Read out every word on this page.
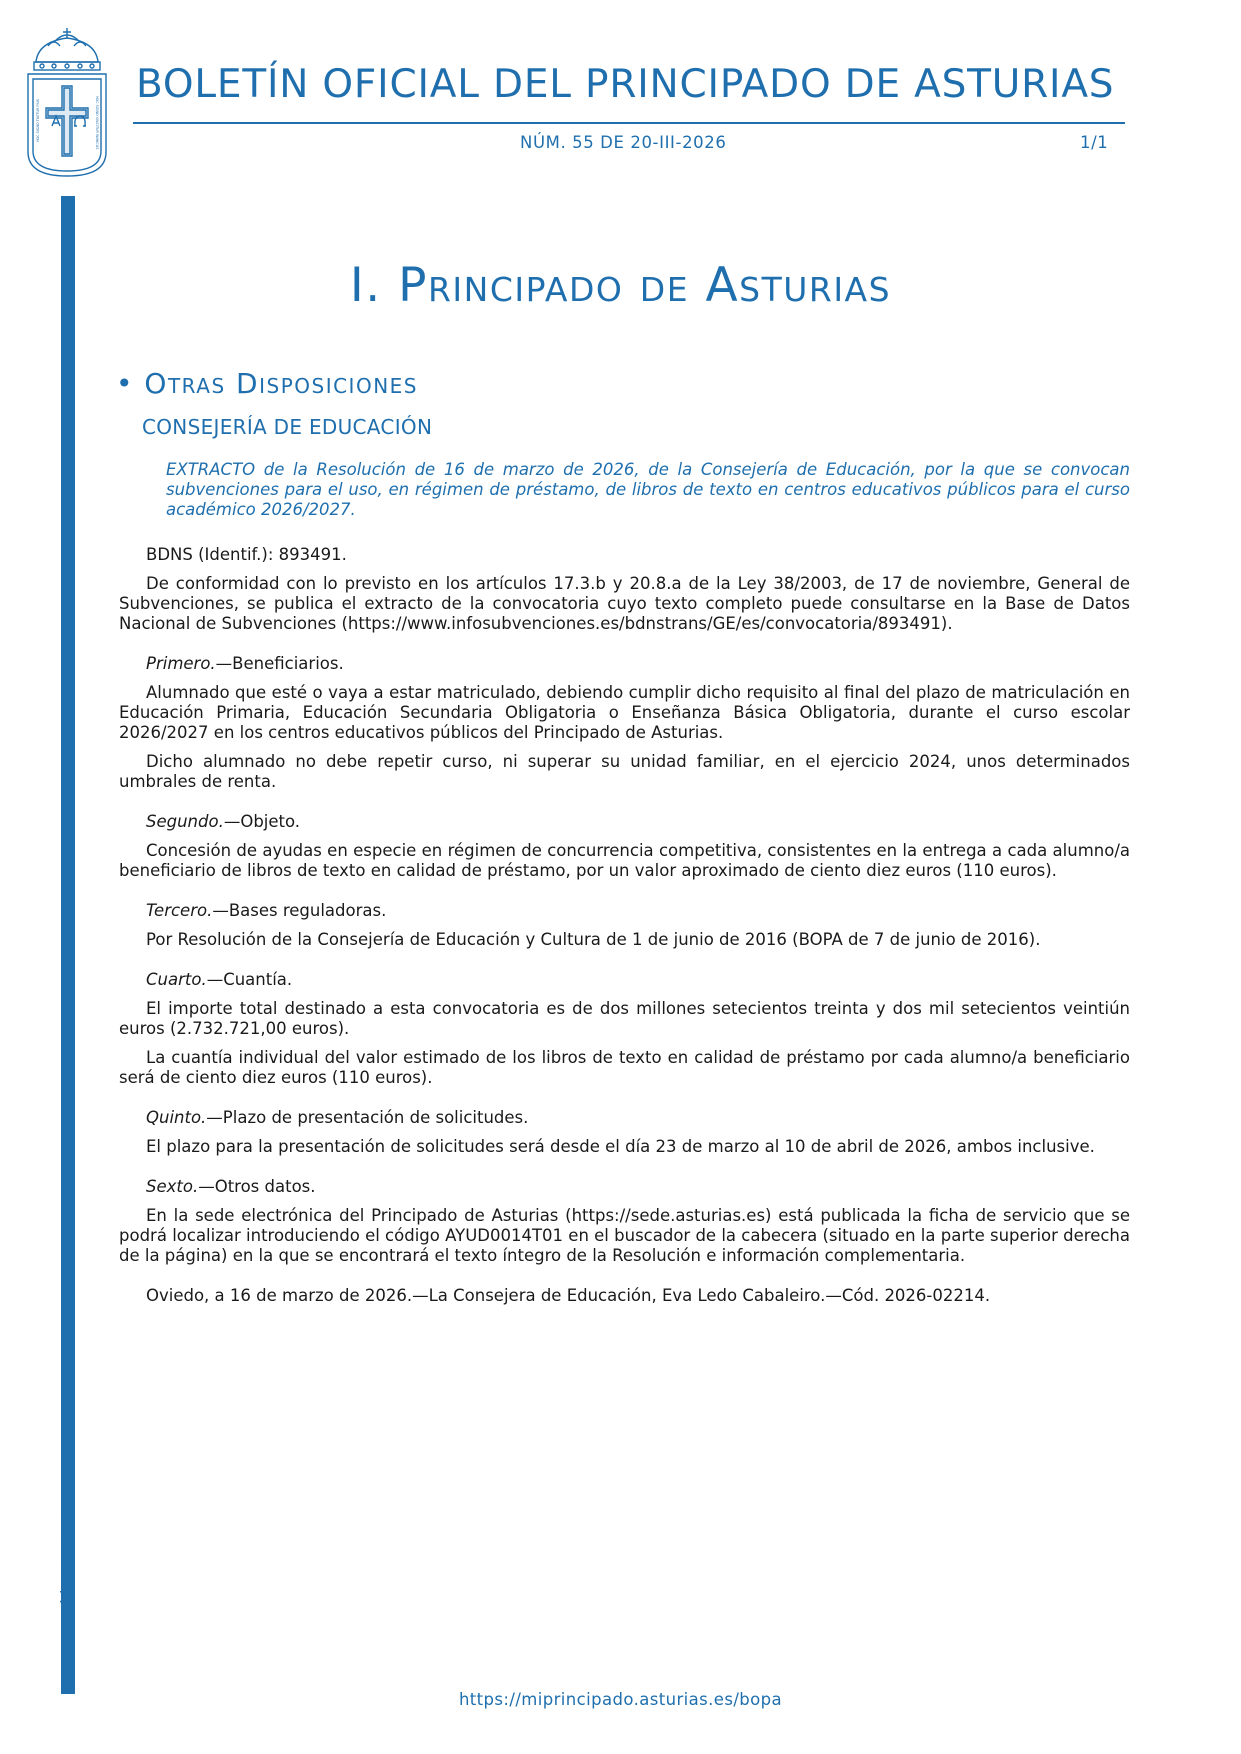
HOC SIGNO TUETUR PIUS	HOC SIGNO VINCITUR INIMICUS
BOLETÍN OFICIAL DEL PRINCIPADO DE ASTURIAS
NÚM. 55 DE 20-III-2026	1/1
Cód. 2026-02214
I. Principado de Asturias
• Otras Disposiciones
CONSEJERÍA DE EDUCACIÓN

EXTRACTO de la Resolución de 16 de marzo de 2026, de la Consejería de Educación, por la que se convocan subvenciones para el uso, en régimen de préstamo, de libros de texto en centros educativos públicos para el curso académico 2026/2027.

BDNS (Identif.): 893491.

De conformidad con lo previsto en los artículos 17.3.b y 20.8.a de la Ley 38/2003, de 17 de noviembre, General de Subvenciones, se publica el extracto de la convocatoria cuyo texto completo puede consultarse en la Base de Datos Nacional de Subvenciones (https://www.infosubvenciones.es/bdnstrans/GE/es/convocatoria/893491).

Primero.—Beneficiarios.

Alumnado que esté o vaya a estar matriculado, debiendo cumplir dicho requisito al final del plazo de matriculación en Educación Primaria, Educación Secundaria Obligatoria o Enseñanza Básica Obligatoria, durante el curso escolar 2026/2027 en los centros educativos públicos del Principado de Asturias.

Dicho alumnado no debe repetir curso, ni superar su unidad familiar, en el ejercicio 2024, unos determinados umbrales de renta.

Segundo.—Objeto.

Concesión de ayudas en especie en régimen de concurrencia competitiva, consistentes en la entrega a cada alumno/a beneficiario de libros de texto en calidad de préstamo, por un valor aproximado de ciento diez euros (110 euros).

Tercero.—Bases reguladoras.

Por Resolución de la Consejería de Educación y Cultura de 1 de junio de 2016 (BOPA de 7 de junio de 2016).

Cuarto.—Cuantía.

El importe total destinado a esta convocatoria es de dos millones setecientos treinta y dos mil setecientos veintiún euros (2.732.721,00 euros).

La cuantía individual del valor estimado de los libros de texto en calidad de préstamo por cada alumno/a beneficiario será de ciento diez euros (110 euros).

Quinto.—Plazo de presentación de solicitudes.

El plazo para la presentación de solicitudes será desde el día 23 de marzo al 10 de abril de 2026, ambos inclusive.

Sexto.—Otros datos.

En la sede electrónica del Principado de Asturias (https://sede.asturias.es) está publicada la ficha de servicio que se podrá localizar introduciendo el código AYUD0014T01 en el buscador de la cabecera (situado en la parte superior derecha de la página) en la que se encontrará el texto íntegro de la Resolución e información complementaria.

Oviedo, a 16 de marzo de 2026.—La Consejera de Educación, Eva Ledo Cabaleiro.—Cód. 2026-02214.

https://miprincipado.asturias.es/bopa
